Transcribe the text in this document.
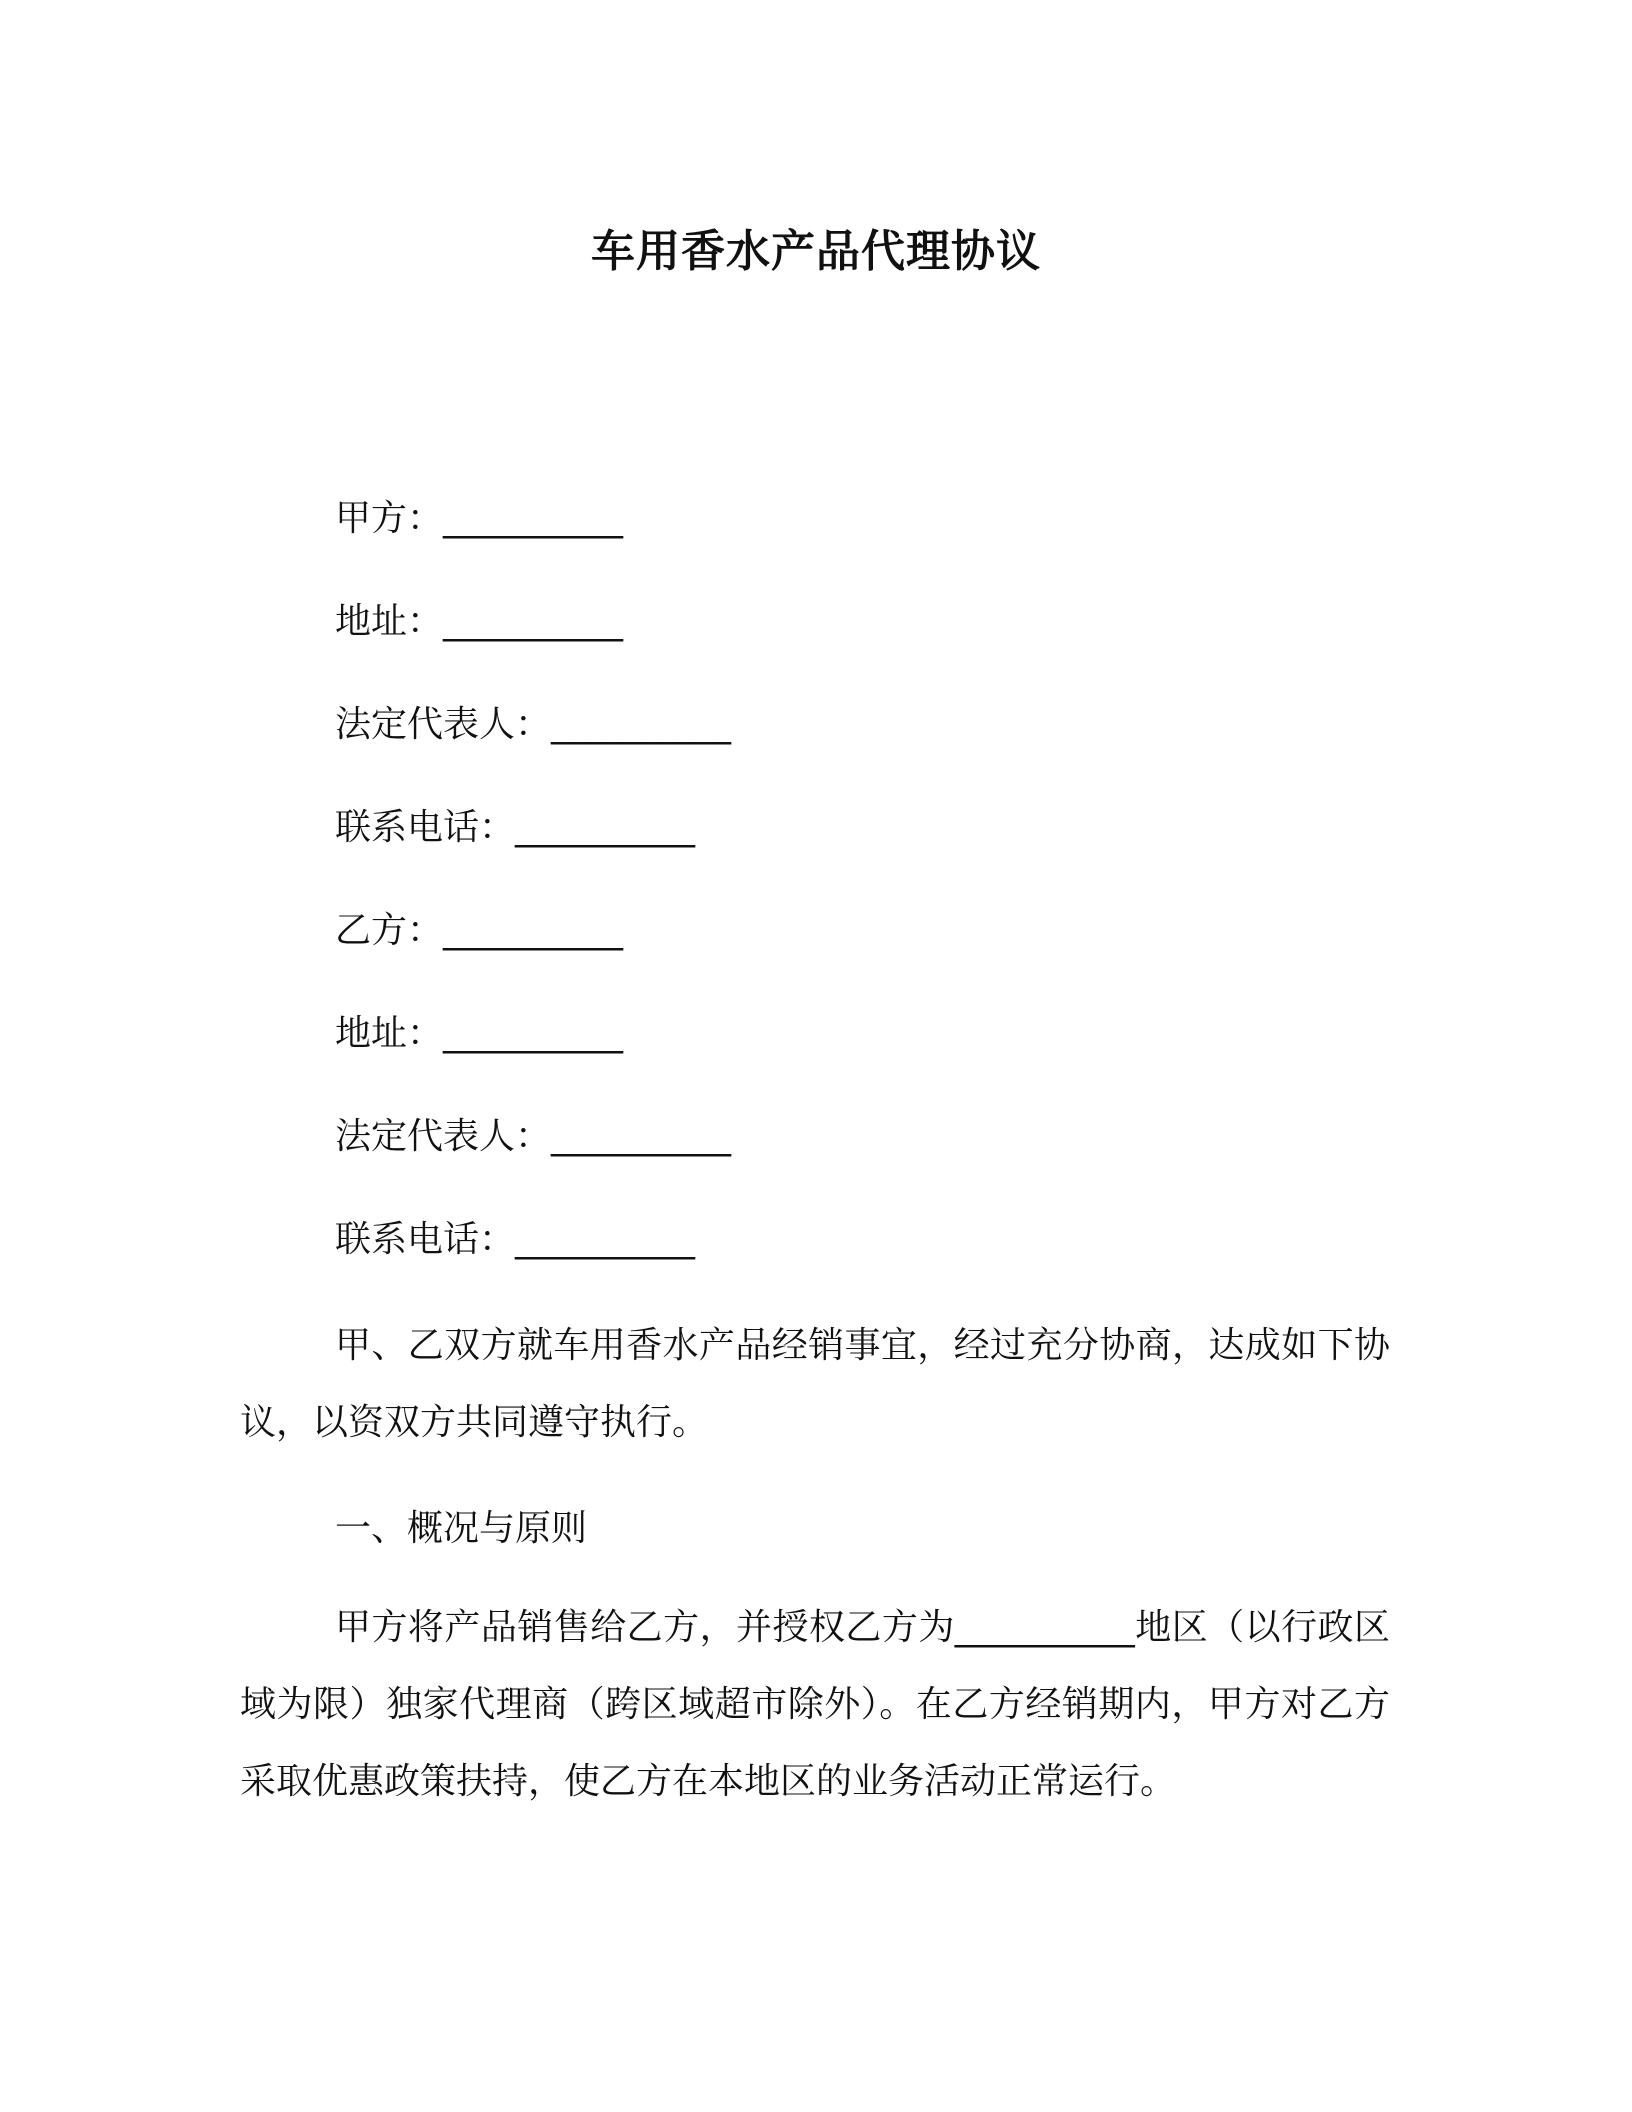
车用香水产品代理协议
甲方：__________
地址：__________
法定代表人：__________
联系电话：__________
乙方：__________
地址：__________
法定代表人：__________
联系电话：__________
甲、乙双方就车用香水产品经销事宜，经过充分协商，达成如下协议，以资双方共同遵守执行。
一、概况与原则
甲方将产品销售给乙方，并授权乙方为__________地区（以行政区域为限）独家代理商（跨区域超市除外）。在乙方经销期内，甲方对乙方采取优惠政策扶持，使乙方在本地区的业务活动正常运行。
